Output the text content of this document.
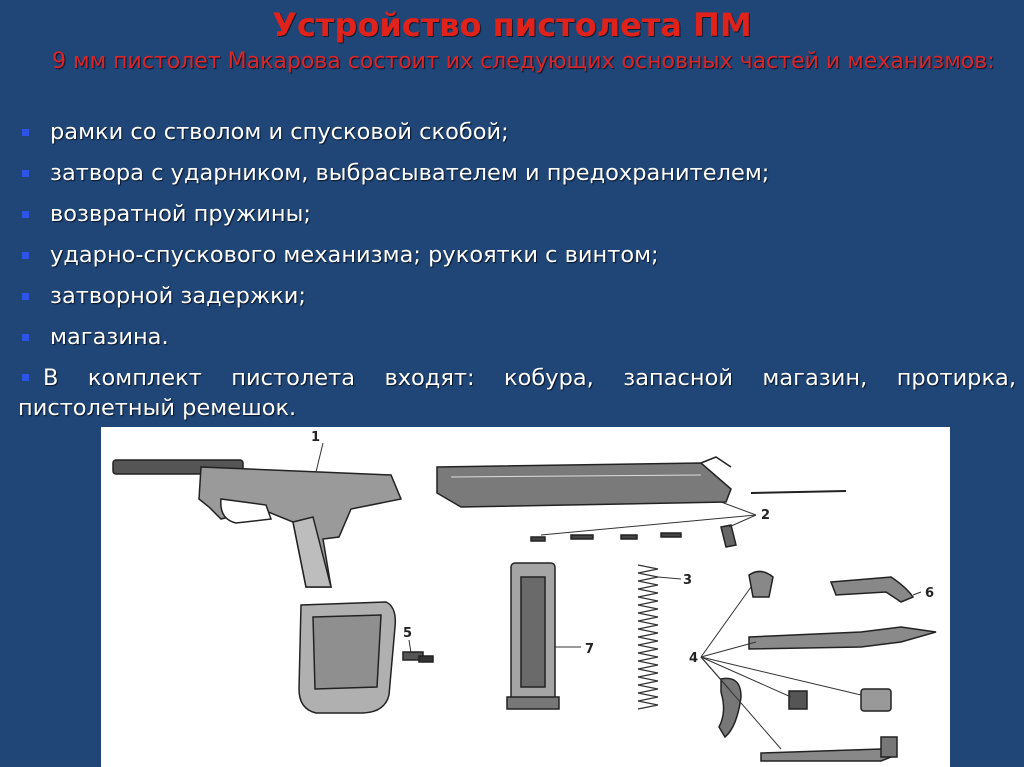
Устройство пистолета ПМ
9 мм пистолет Макарова состоит их следующих основных частей и механизмов:
рамки со стволом и спусковой скобой;
затвора с ударником, выбрасывателем и предохранителем;
возвратной пружины;
ударно-спускового механизма; рукоятки с винтом;
затворной задержки;
магазина.
В комплект пистолета входят: кобура, запасной магазин, протирка, пистолетный ремешок.
1
2
3
4
5
6
7
